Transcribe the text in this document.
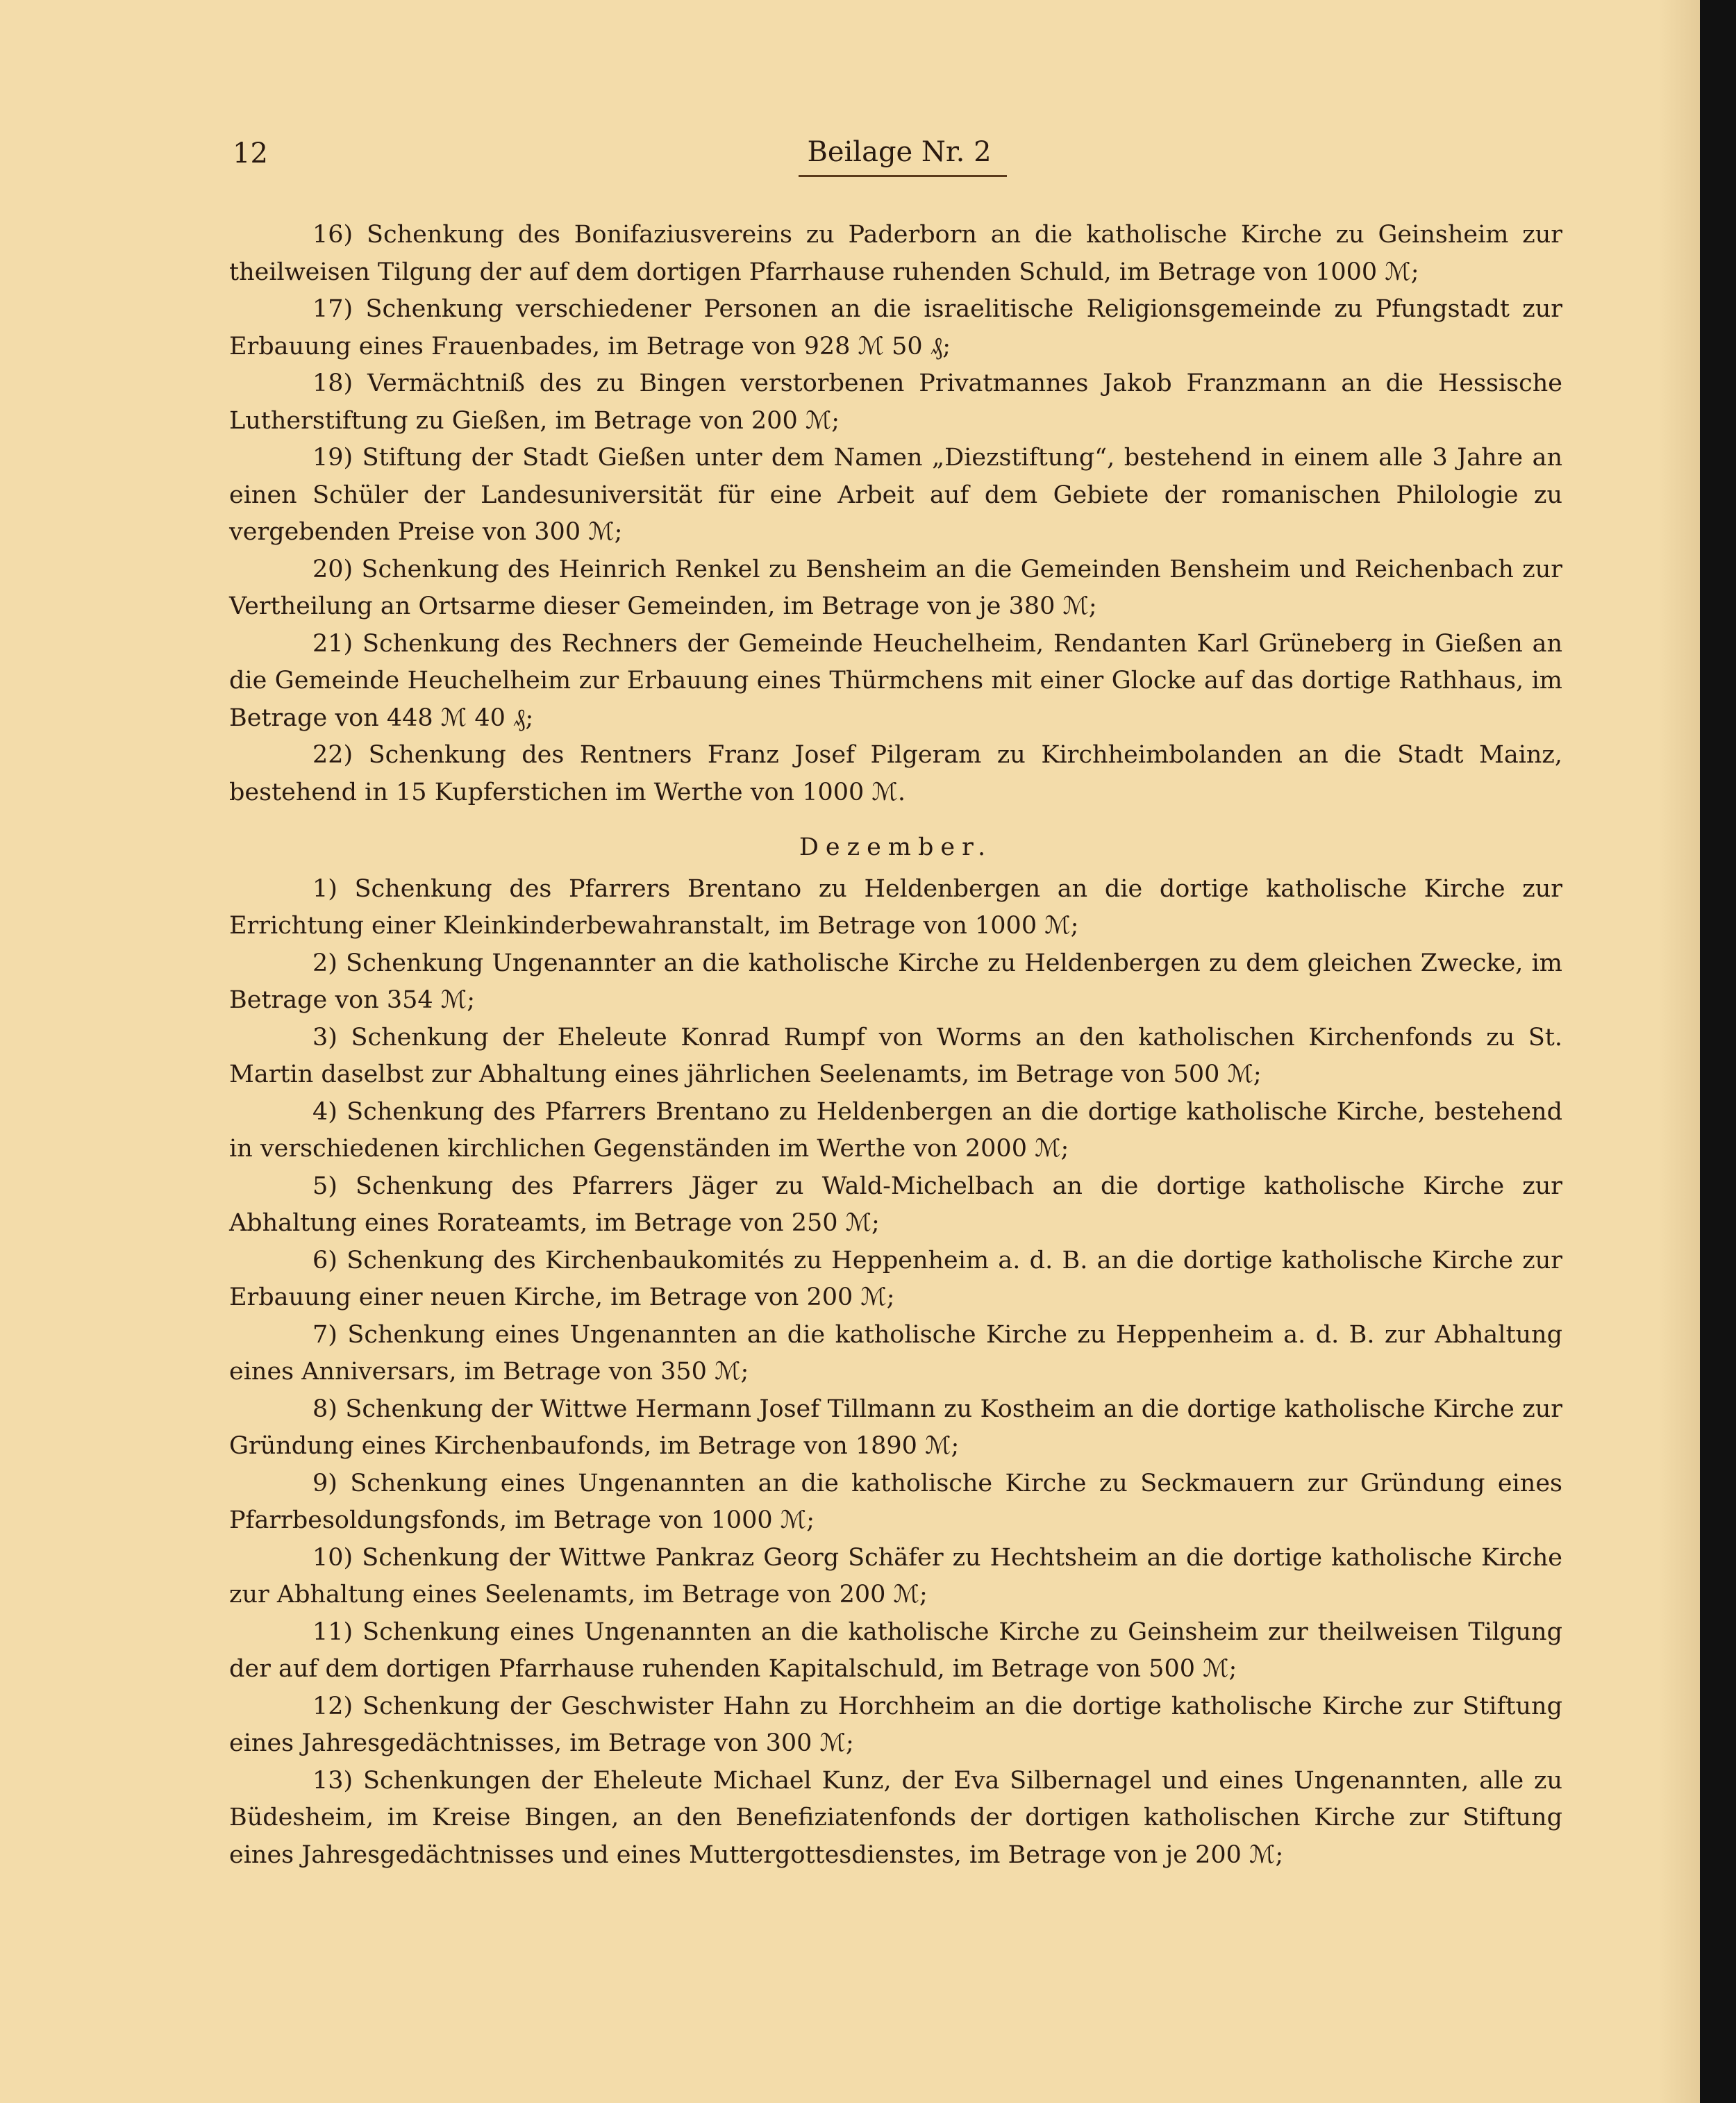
12	Beilage Nr. 2

16) Schenkung des Bonifaziusvereins zu Paderborn an die katholische Kirche zu Geinsheim zur theilweisen Tilgung der auf dem dortigen Pfarrhause ruhenden Schuld, im Betrage von 1000 ℳ;

17) Schenkung verschiedener Personen an die israelitische Religionsgemeinde zu Pfungstadt zur Erbauung eines Frauenbades, im Betrage von 928 ℳ 50 ₰;

18) Vermächtniß des zu Bingen verstorbenen Privatmannes Jakob Franzmann an die Hessische Lutherstiftung zu Gießen, im Betrage von 200 ℳ;

19) Stiftung der Stadt Gießen unter dem Namen „Diezstiftung“, bestehend in einem alle 3 Jahre an einen Schüler der Landesuniversität für eine Arbeit auf dem Gebiete der romanischen Philologie zu vergebenden Preise von 300 ℳ;

20) Schenkung des Heinrich Renkel zu Bensheim an die Gemeinden Bensheim und Reichenbach zur Vertheilung an Ortsarme dieser Gemeinden, im Betrage von je 380 ℳ;

21) Schenkung des Rechners der Gemeinde Heuchelheim, Rendanten Karl Grüneberg in Gießen an die Gemeinde Heuchelheim zur Erbauung eines Thürmchens mit einer Glocke auf das dortige Rathhaus, im Betrage von 448 ℳ 40 ₰;

22) Schenkung des Rentners Franz Josef Pilgeram zu Kirchheimbolanden an die Stadt Mainz, bestehend in 15 Kupferstichen im Werthe von 1000 ℳ.

Dezember.

1) Schenkung des Pfarrers Brentano zu Heldenbergen an die dortige katholische Kirche zur Errichtung einer Kleinkinderbewahranstalt, im Betrage von 1000 ℳ;

2) Schenkung Ungenannter an die katholische Kirche zu Heldenbergen zu dem gleichen Zwecke, im Betrage von 354 ℳ;

3) Schenkung der Eheleute Konrad Rumpf von Worms an den katholischen Kirchenfonds zu St. Martin daselbst zur Abhaltung eines jährlichen Seelenamts, im Betrage von 500 ℳ;

4) Schenkung des Pfarrers Brentano zu Heldenbergen an die dortige katholische Kirche, bestehend in verschiedenen kirchlichen Gegenständen im Werthe von 2000 ℳ;

5) Schenkung des Pfarrers Jäger zu Wald-Michelbach an die dortige katholische Kirche zur Abhaltung eines Rorateamts, im Betrage von 250 ℳ;

6) Schenkung des Kirchenbaukomités zu Heppenheim a. d. B. an die dortige katholische Kirche zur Erbauung einer neuen Kirche, im Betrage von 200 ℳ;

7) Schenkung eines Ungenannten an die katholische Kirche zu Heppenheim a. d. B. zur Abhaltung eines Anniversars, im Betrage von 350 ℳ;

8) Schenkung der Wittwe Hermann Josef Tillmann zu Kostheim an die dortige katholische Kirche zur Gründung eines Kirchenbaufonds, im Betrage von 1890 ℳ;

9) Schenkung eines Ungenannten an die katholische Kirche zu Seckmauern zur Gründung eines Pfarrbesoldungsfonds, im Betrage von 1000 ℳ;

10) Schenkung der Wittwe Pankraz Georg Schäfer zu Hechtsheim an die dortige katholische Kirche zur Abhaltung eines Seelenamts, im Betrage von 200 ℳ;

11) Schenkung eines Ungenannten an die katholische Kirche zu Geinsheim zur theilweisen Tilgung der auf dem dortigen Pfarrhause ruhenden Kapitalschuld, im Betrage von 500 ℳ;

12) Schenkung der Geschwister Hahn zu Horchheim an die dortige katholische Kirche zur Stiftung eines Jahresgedächtnisses, im Betrage von 300 ℳ;

13) Schenkungen der Eheleute Michael Kunz, der Eva Silbernagel und eines Ungenannten, alle zu Büdesheim, im Kreise Bingen, an den Benefiziatenfonds der dortigen katholischen Kirche zur Stiftung eines Jahresgedächtnisses und eines Muttergottesdienstes, im Betrage von je 200 ℳ;
